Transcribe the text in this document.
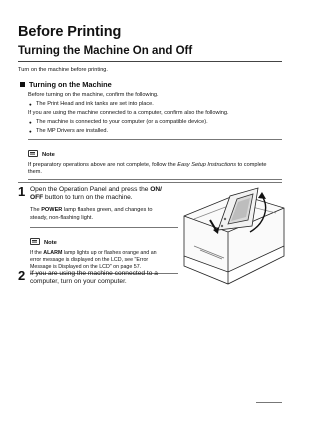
Before Printing
Turning the Machine On and Off
Turn on the machine before printing.
Turning on the Machine
Before turning on the machine, confirm the following.
● The Print Head and ink tanks are set into place.
If you are using the machine connected to a computer, confirm also the following.
● The machine is connected to your computer (or a compatible device).
● The MP Drivers are installed.
Note
If preparatory operations above are not complete, follow the Easy Setup Instructions to complete
them.
1 Open the Operation Panel and press the ON/
OFF button to turn on the machine.
The POWER lamp flashes green, and changes to
steady, non-flashing light.
Note
If the ALARM lamp lights up or flashes orange and an
error message is displayed on the LCD, see "Error
Message is Displayed on the LCD" on page 57.
2 If you are using the machine connected to a
computer, turn on your computer.
